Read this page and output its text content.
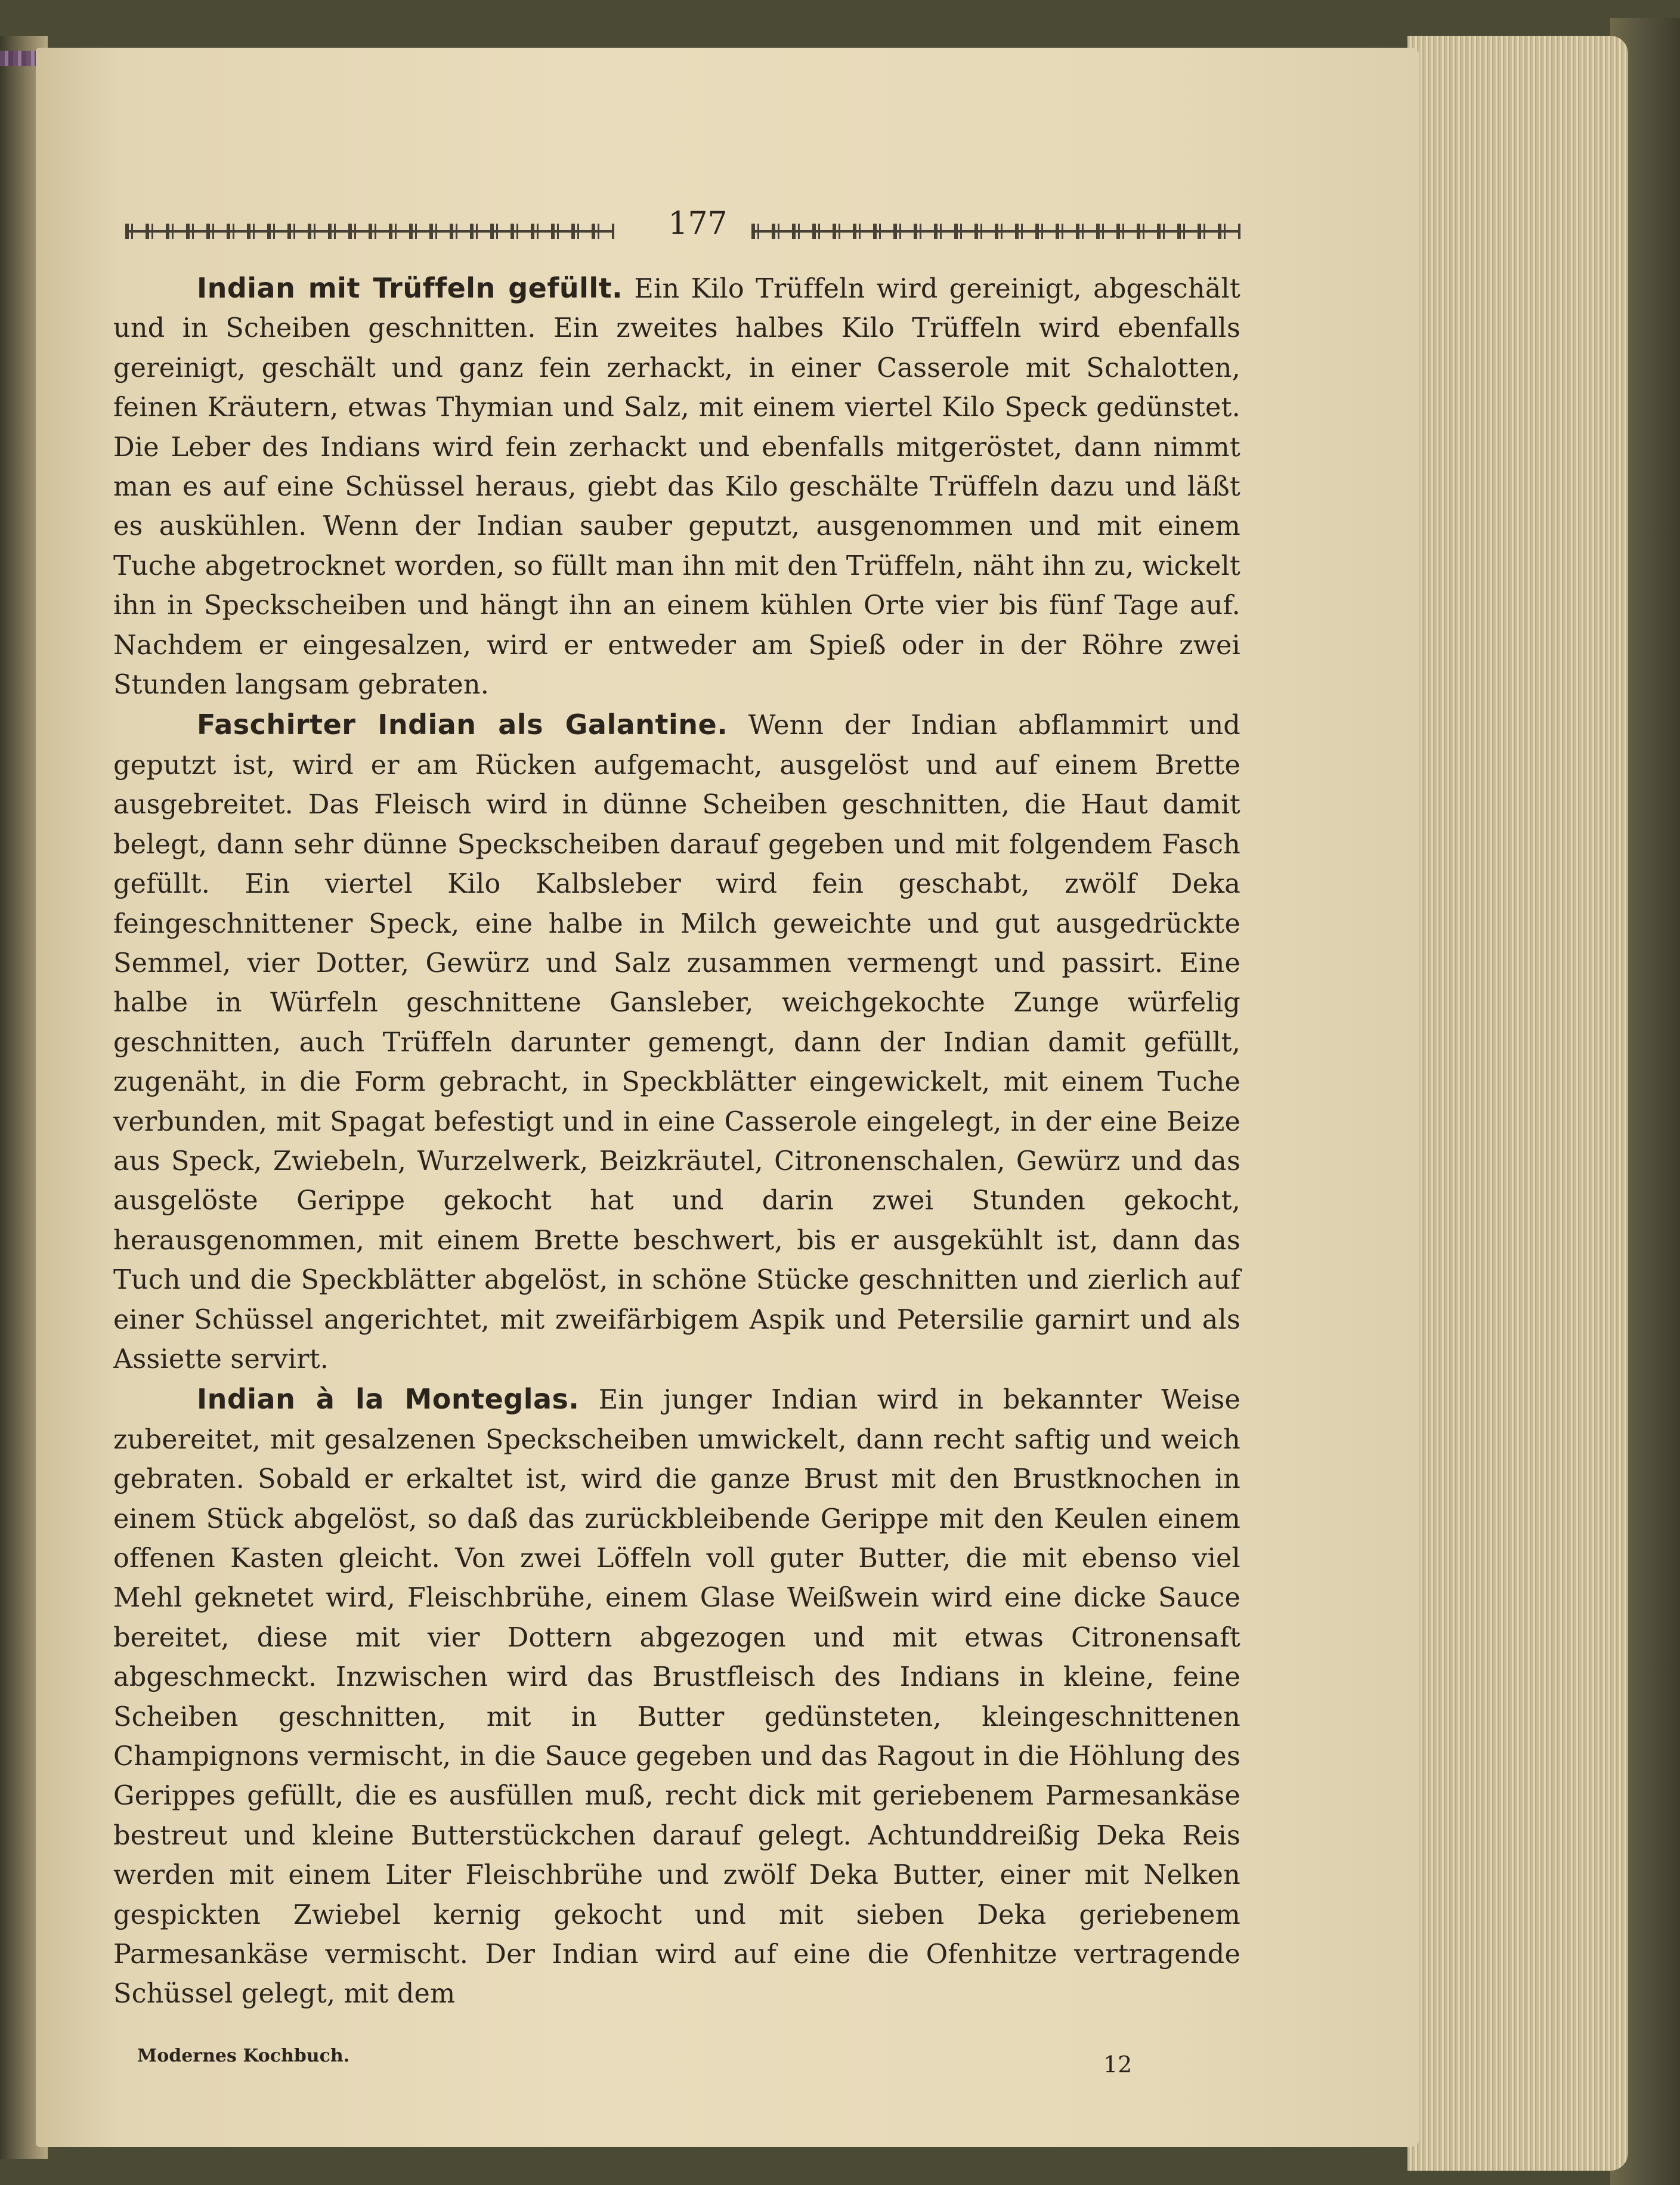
177

Indian mit Trüffeln gefüllt. Ein Kilo Trüffeln wird gereinigt, abgeschält und in Scheiben geschnitten. Ein zweites halbes Kilo Trüffeln wird ebenfalls gereinigt, geschält und ganz fein zerhackt, in einer Casserole mit Schalotten, feinen Kräutern, etwas Thymian und Salz, mit einem viertel Kilo Speck gedünstet. Die Leber des Indians wird fein zerhackt und ebenfalls mitgeröstet, dann nimmt man es auf eine Schüssel heraus, giebt das Kilo geschälte Trüffeln dazu und läßt es auskühlen. Wenn der Indian sauber geputzt, ausgenommen und mit einem Tuche abgetrocknet worden, so füllt man ihn mit den Trüffeln, näht ihn zu, wickelt ihn in Speckscheiben und hängt ihn an einem kühlen Orte vier bis fünf Tage auf. Nachdem er eingesalzen, wird er entweder am Spieß oder in der Röhre zwei Stunden langsam gebraten.

Faschirter Indian als Galantine. Wenn der Indian abflammirt und geputzt ist, wird er am Rücken aufgemacht, ausgelöst und auf einem Brette ausgebreitet. Das Fleisch wird in dünne Scheiben geschnitten, die Haut damit belegt, dann sehr dünne Speckscheiben darauf gegeben und mit folgendem Fasch gefüllt. Ein viertel Kilo Kalbsleber wird fein geschabt, zwölf Deka feingeschnittener Speck, eine halbe in Milch geweichte und gut ausgedrückte Semmel, vier Dotter, Gewürz und Salz zusammen vermengt und passirt. Eine halbe in Würfeln geschnittene Gansleber, weichgekochte Zunge würfelig geschnitten, auch Trüffeln darunter gemengt, dann der Indian damit gefüllt, zugenäht, in die Form gebracht, in Speckblätter eingewickelt, mit einem Tuche verbunden, mit Spagat befestigt und in eine Casserole eingelegt, in der eine Beize aus Speck, Zwiebeln, Wurzelwerk, Beizkräutel, Citronenschalen, Gewürz und das ausgelöste Gerippe gekocht hat und darin zwei Stunden gekocht, herausgenommen, mit einem Brette beschwert, bis er ausgekühlt ist, dann das Tuch und die Speckblätter abgelöst, in schöne Stücke geschnitten und zierlich auf einer Schüssel angerichtet, mit zweifärbigem Aspik und Petersilie garnirt und als Assiette servirt.

Indian à la Monteglas. Ein junger Indian wird in bekannter Weise zubereitet, mit gesalzenen Speckscheiben umwickelt, dann recht saftig und weich gebraten. Sobald er erkaltet ist, wird die ganze Brust mit den Brustknochen in einem Stück abgelöst, so daß das zurückbleibende Gerippe mit den Keulen einem offenen Kasten gleicht. Von zwei Löffeln voll guter Butter, die mit ebenso viel Mehl geknetet wird, Fleischbrühe, einem Glase Weißwein wird eine dicke Sauce bereitet, diese mit vier Dottern abgezogen und mit etwas Citronensaft abgeschmeckt. Inzwischen wird das Brustfleisch des Indians in kleine, feine Scheiben geschnitten, mit in Butter gedünsteten, kleingeschnittenen Champignons vermischt, in die Sauce gegeben und das Ragout in die Höhlung des Gerippes gefüllt, die es ausfüllen muß, recht dick mit geriebenem Parmesankäse bestreut und kleine Butterstückchen darauf gelegt. Achtunddreißig Deka Reis werden mit einem Liter Fleischbrühe und zwölf Deka Butter, einer mit Nelken gespickten Zwiebel kernig gekocht und mit sieben Deka geriebenem Parmesankäse vermischt. Der Indian wird auf eine die Ofenhitze vertragende Schüssel gelegt, mit dem

Modernes Kochbuch.	12
